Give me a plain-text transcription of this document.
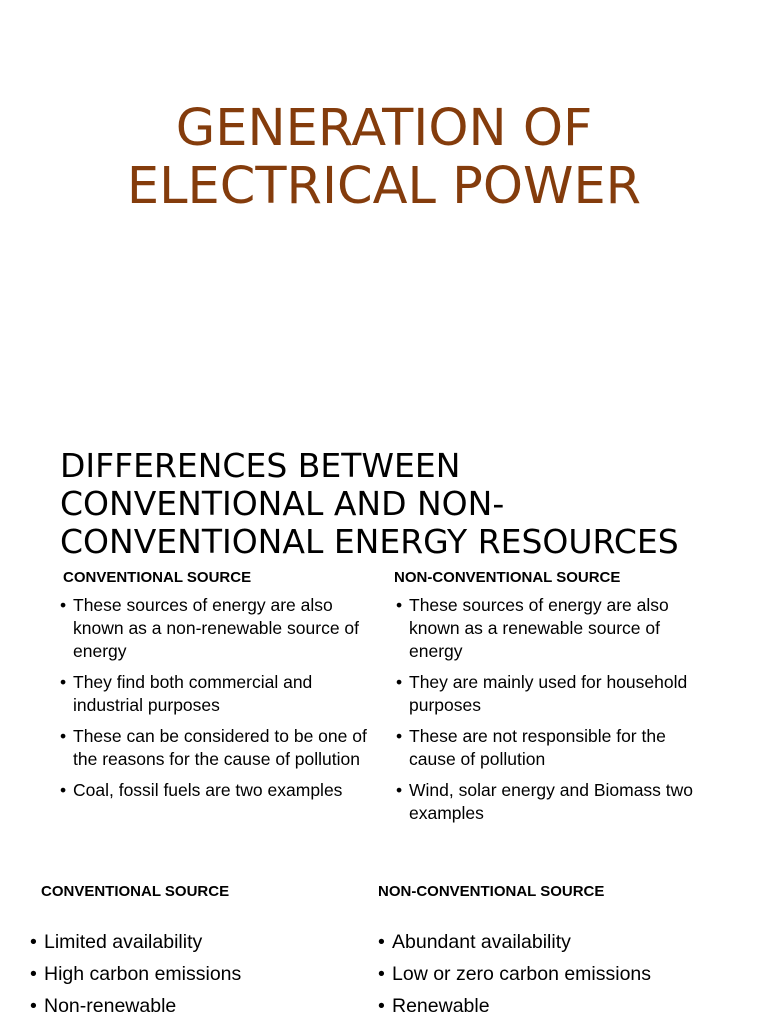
GENERATION OF
ELECTRICAL POWER
DIFFERENCES BETWEEN
CONVENTIONAL AND NON-
CONVENTIONAL ENERGY RESOURCES
CONVENTIONAL SOURCE
• These sources of energy are also known as a non-renewable source of energy
• They find both commercial and industrial purposes
• These can be considered to be one of the reasons for the cause of pollution
• Coal, fossil fuels are two examples
NON-CONVENTIONAL SOURCE
• These sources of energy are also known as a renewable source of energy
• They are mainly used for household purposes
• These are not responsible for the cause of pollution
• Wind, solar energy and Biomass two examples
CONVENTIONAL SOURCE
• Limited availability
• High carbon emissions
• Non-renewable
NON-CONVENTIONAL SOURCE
• Abundant availability
• Low or zero carbon emissions
• Renewable
